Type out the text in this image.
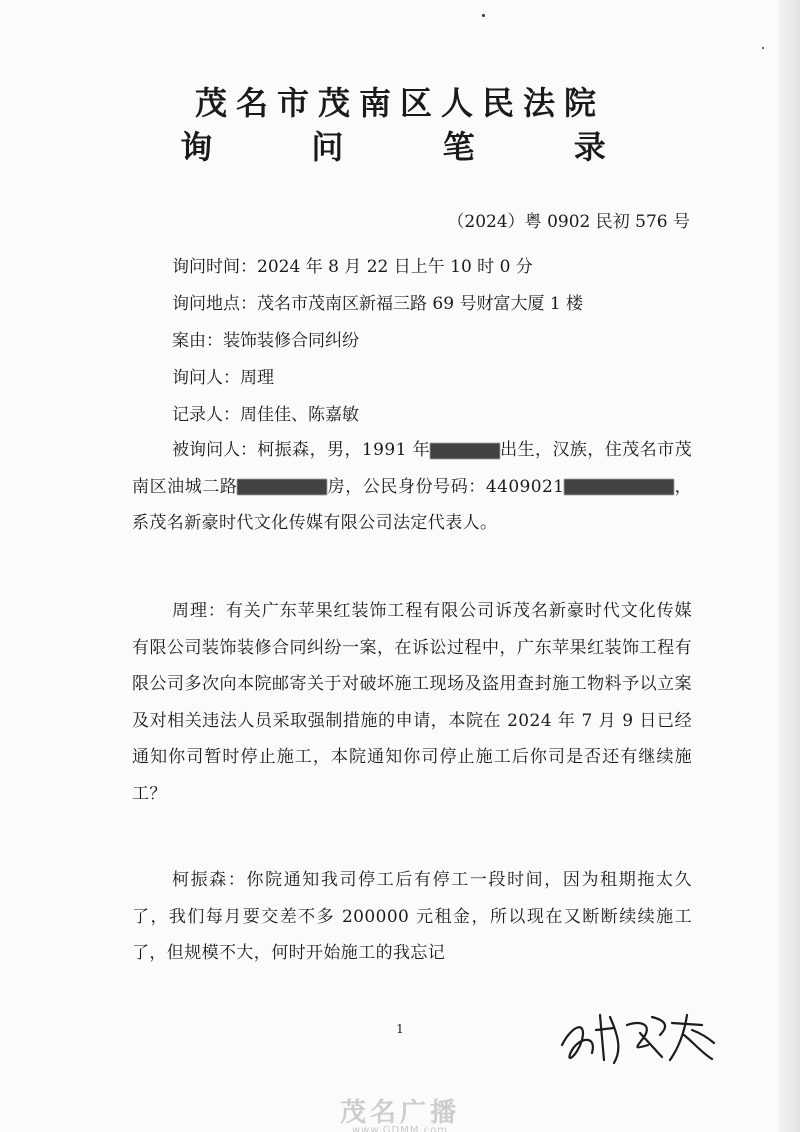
茂名市茂南区人民法院
询 问 笔 录
（2024）粤 0902 民初 576 号
询问时间：2024 年 8 月 22 日上午 10 时 0 分
询问地点：茂名市茂南区新福三路 69 号财富大厦 1 楼
案由：装饰装修合同纠纷
询问人：周理
记录人：周佳佳、陈嘉敏
被询问人：柯振森，男，1991 年	出生，汉族，住茂名市茂南区油城二路	房，公民身份号码：4409021	，系茂名新豪时代文化传媒有限公司法定代表人。
周理：有关广东苹果红装饰工程有限公司诉茂名新豪时代文化传媒有限公司装饰装修合同纠纷一案，在诉讼过程中，广东苹果红装饰工程有限公司多次向本院邮寄关于对破坏施工现场及盗用查封施工物料予以立案及对相关违法人员采取强制措施的申请，本院在 2024 年 7 月 9 日已经通知你司暂时停止施工，本院通知你司停止施工后你司是否还有继续施工？
柯振森：你院通知我司停工后有停工一段时间，因为租期拖太久了，我们每月要交差不多 200000 元租金，所以现在又断断续续施工了，但规模不大，何时开始施工的我忘记
1
茂名广播
www.GDMM.com
